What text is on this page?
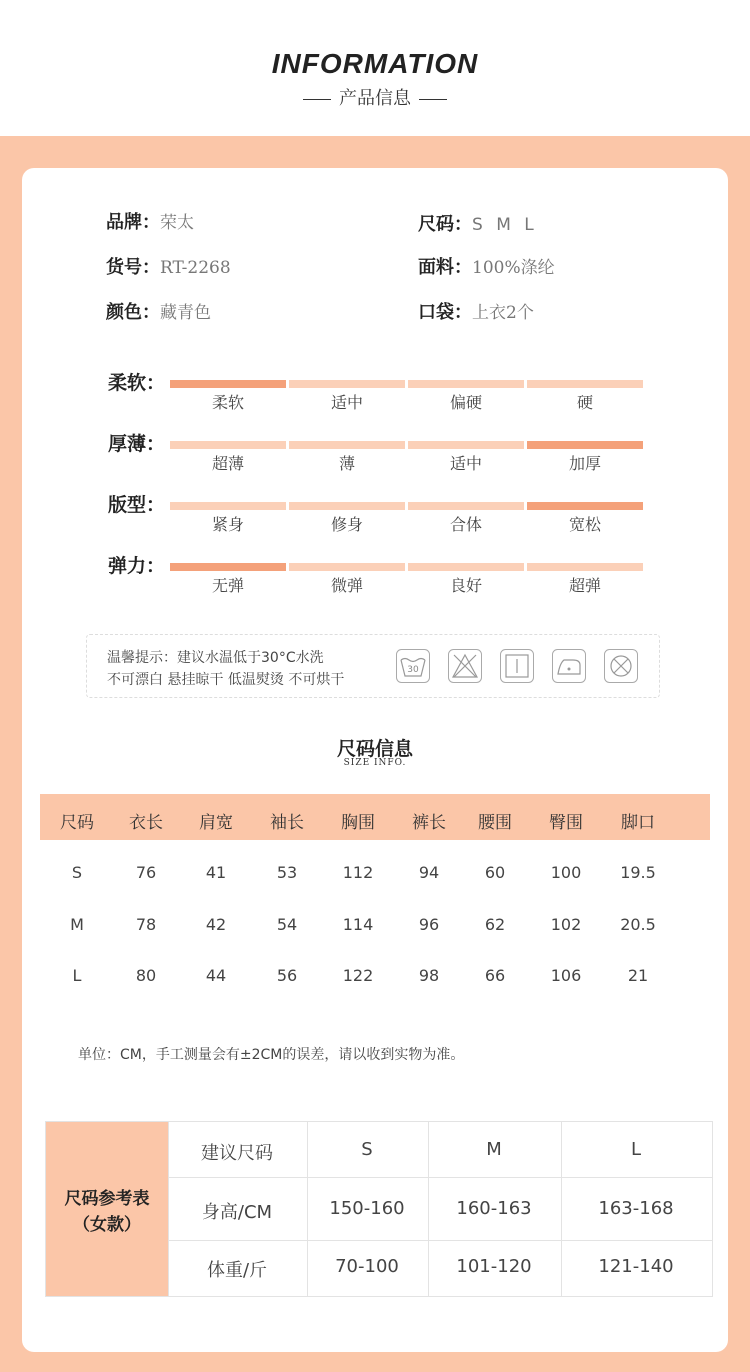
INFORMATION
产品信息
品牌：荣太	尺码：S M L
货号：RT-2268	面料：100%涤纶
颜色：藏青色	口袋：上衣2个
柔软：
柔软	适中	偏硬	硬
厚薄：
超薄	薄	适中	加厚
版型：
紧身	修身	合体	宽松
弹力：
无弹	微弹	良好	超弹
温馨提示：建议水温低于30°C水洗
不可漂白 悬挂晾干 低温熨烫 不可烘干
30
尺码信息
SIZE INFO.
尺码	衣长	肩宽	袖长	胸围	裤长	腰围	臀围	脚口
S	76	41	53	112	94	60	100	19.5
M	78	42	54	114	96	62	102	20.5
L	80	44	56	122	98	66	106	21
单位：CM，手工测量会有±2CM的误差，请以收到实物为准。
尺码参考表
（女款）
建议尺码	S	M	L
身高/CM	150-160	160-163	163-168
体重/斤	70-100	101-120	121-140
